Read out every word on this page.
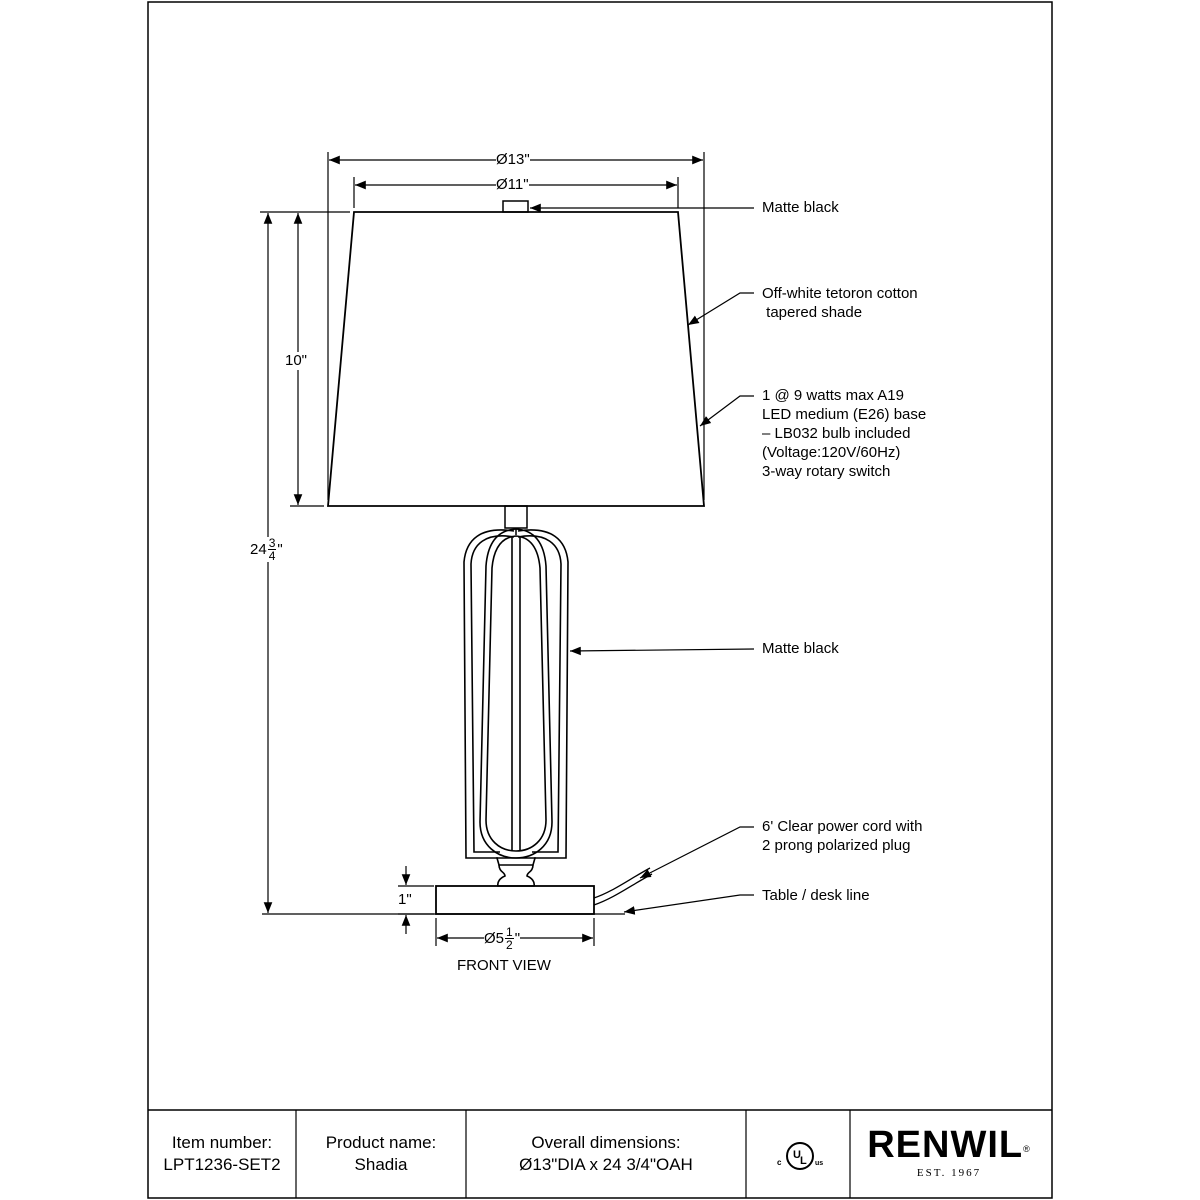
Ø13"
Ø11"
10"
$24 \frac{3}{4}$ "
1"
Ø5 $\frac{1}{2}$ "
Matte black
Off-white tetoron cotton
tapered shade
1 @ 9 watts max A19
LED medium (E26) base
– LB032 bulb included
(Voltage:120V/60Hz)
3-way rotary switch
Matte black
6' Clear power cord with
2 prong polarized plug
Table / desk line
FRONT VIEW
Item number:
LPT1236-SET2
Product name:
Shadia
Overall dimensions:
Ø13"DIA x 24 3/4"OAH	U L
c	us RENWIL®
EST. 1967
